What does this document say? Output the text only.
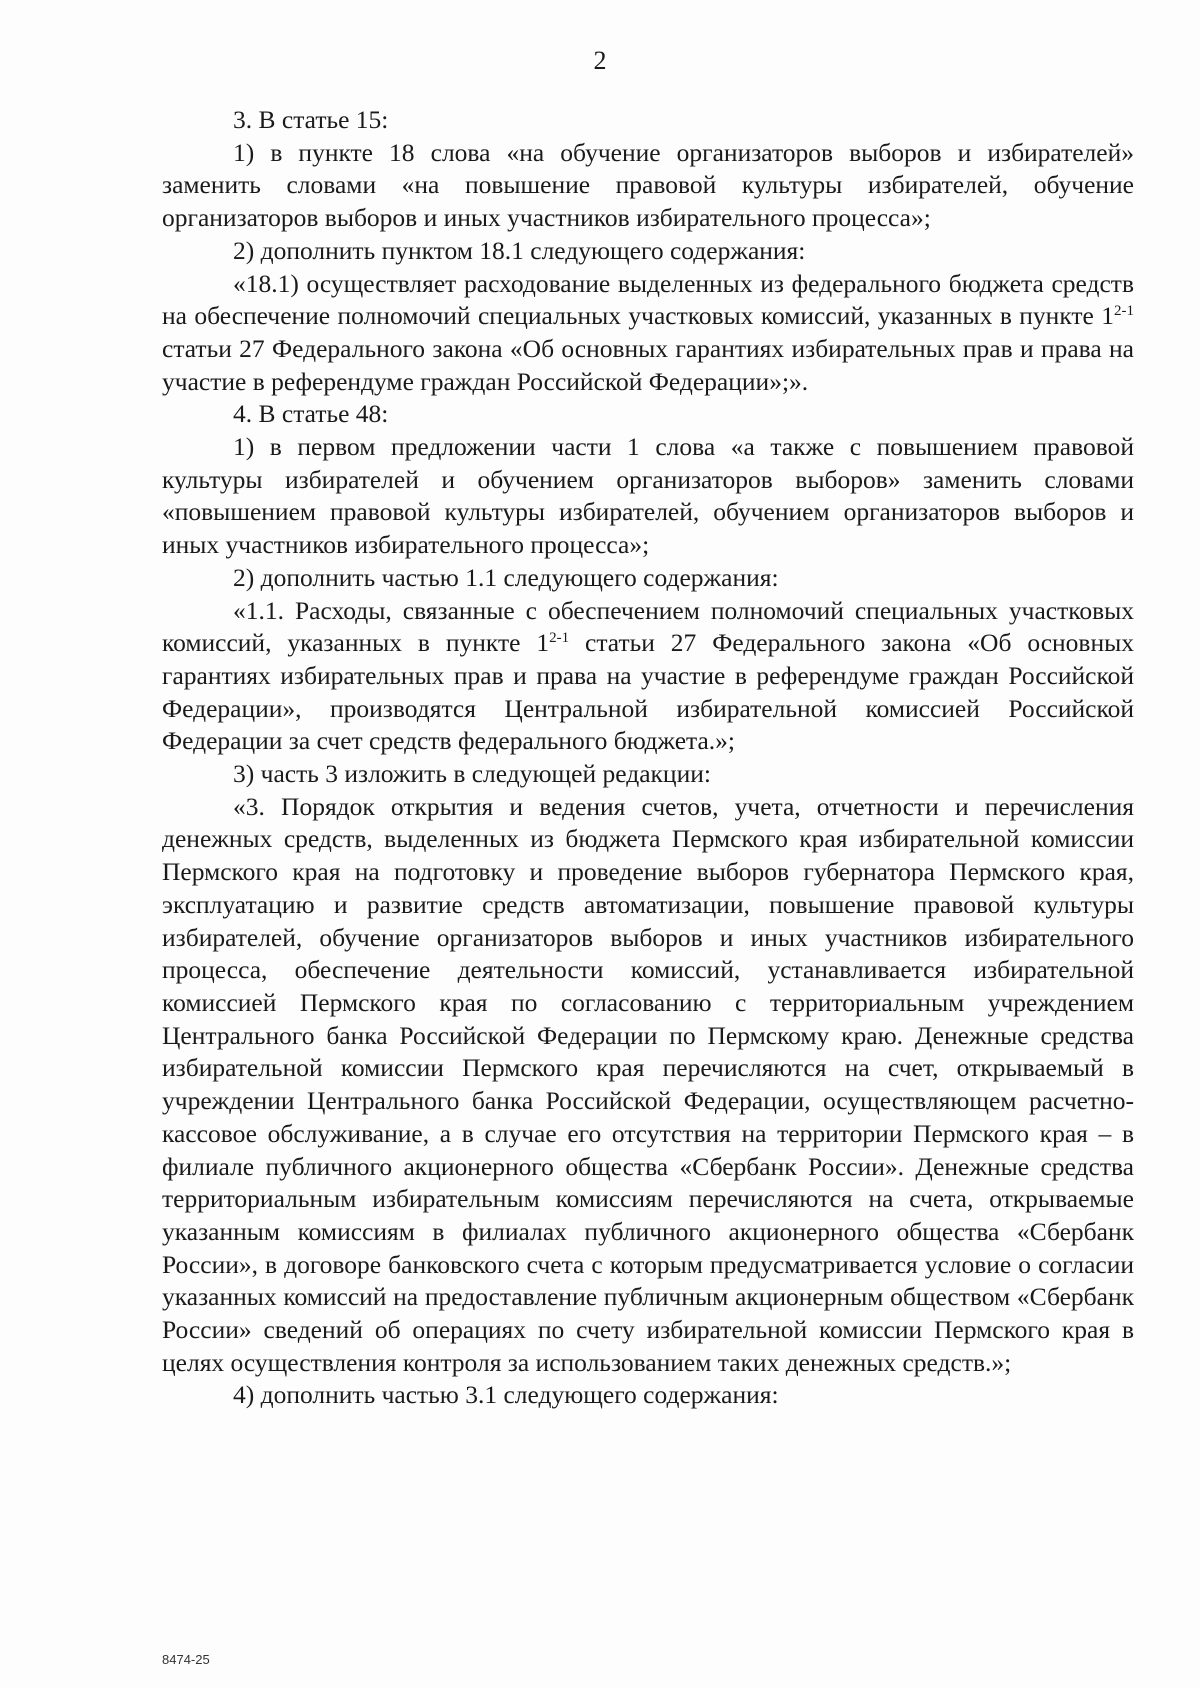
2

3. В статье 15:

1) в пункте 18 слова «на обучение организаторов выборов и избирателей» заменить словами «на повышение правовой культуры избирателей, обучение организаторов выборов и иных участников избирательного процесса»;

2) дополнить пунктом 18.1 следующего содержания:

«18.1) осуществляет расходование выделенных из федерального бюджета средств на обеспечение полномочий специальных участковых комиссий, указанных в пункте 1$^{2-1}$ статьи 27 Федерального закона «Об основных гарантиях избирательных прав и права на участие в референдуме граждан Российской Федерации»;».

4. В статье 48:

1) в первом предложении части 1 слова «а также с повышением правовой культуры избирателей и обучением организаторов выборов» заменить словами «повышением правовой культуры избирателей, обучением организаторов выборов и иных участников избирательного процесса»;

2) дополнить частью 1.1 следующего содержания:

«1.1. Расходы, связанные с обеспечением полномочий специальных участковых комиссий, указанных в пункте 1$^{2-1}$ статьи 27 Федерального закона «Об основных гарантиях избирательных прав и права на участие в референдуме граждан Российской Федерации», производятся Центральной избирательной комиссией Российской Федерации за счет средств федерального бюджета.»;

3) часть 3 изложить в следующей редакции:

«3. Порядок открытия и ведения счетов, учета, отчетности и перечисления денежных средств, выделенных из бюджета Пермского края избирательной комиссии Пермского края на подготовку и проведение выборов губернатора Пермского края, эксплуатацию и развитие средств автоматизации, повышение правовой культуры избирателей, обучение организаторов выборов и иных участников избирательного процесса, обеспечение деятельности комиссий, устанавливается избирательной комиссией Пермского края по согласованию с территориальным учреждением Центрального банка Российской Федерации по Пермскому краю. Денежные средства избирательной комиссии Пермского края перечисляются на счет, открываемый в учреждении Центрального банка Российской Федерации, осуществляющем расчетно-кассовое обслуживание, а в случае его отсутствия на территории Пермского края – в филиале публичного акционерного общества «Сбербанк России». Денежные средства территориальным избирательным комиссиям перечисляются на счета, открываемые указанным комиссиям в филиалах публичного акционерного общества «Сбербанк России», в договоре банковского счета с которым предусматривается условие о согласии указанных комиссий на предоставление публичным акционерным обществом «Сбербанк России» сведений об операциях по счету избирательной комиссии Пермского края в целях осуществления контроля за использованием таких денежных средств.»;

4) дополнить частью 3.1 следующего содержания:

8474-25
